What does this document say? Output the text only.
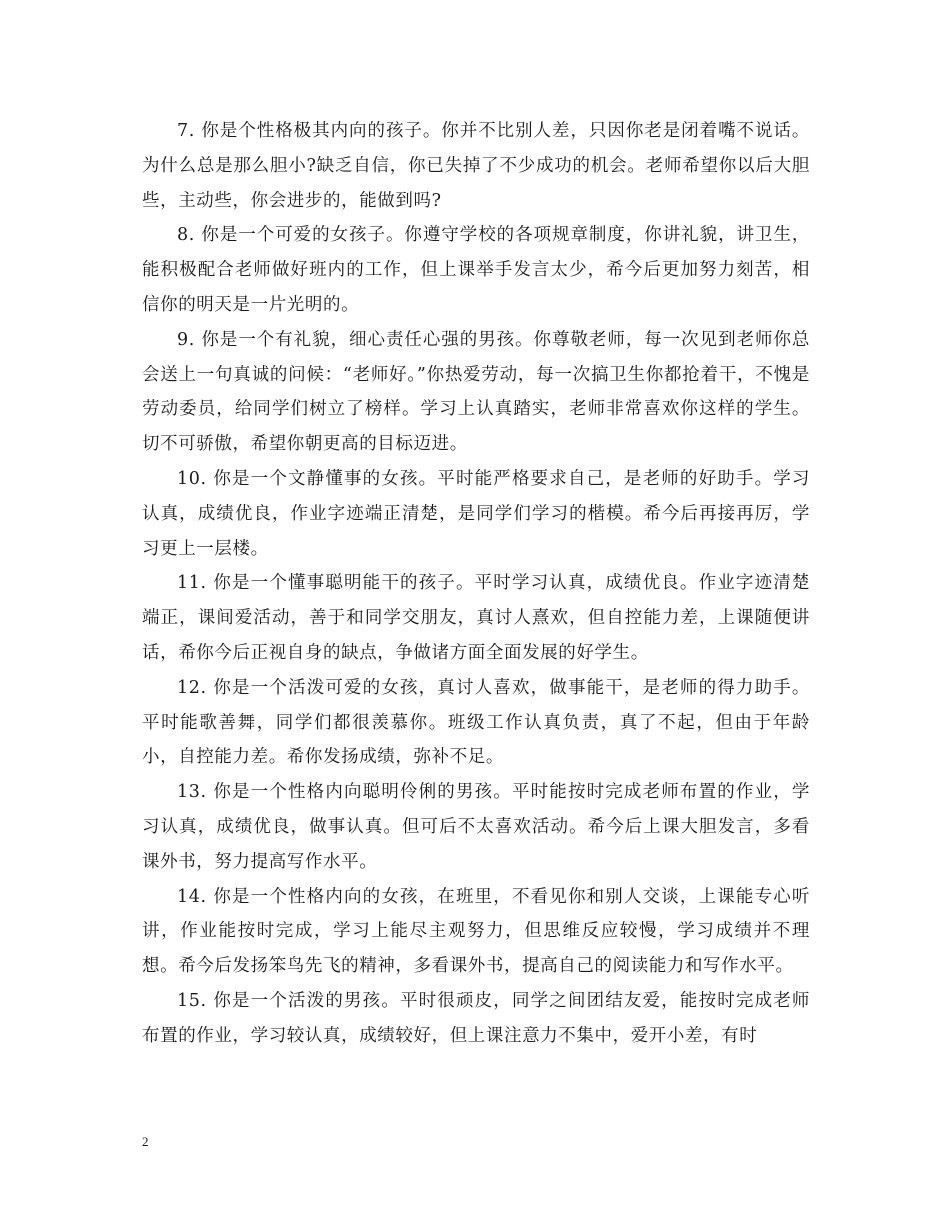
7. 你是个性格极其内向的孩子。你并不比别人差，只因你老是闭着嘴不说话。为什么总是那么胆小?缺乏自信，你已失掉了不少成功的机会。老师希望你以后大胆些，主动些，你会进步的，能做到吗?

8. 你是一个可爱的女孩子。你遵守学校的各项规章制度，你讲礼貌，讲卫生，能积极配合老师做好班内的工作，但上课举手发言太少，希今后更加努力刻苦，相信你的明天是一片光明的。

9. 你是一个有礼貌，细心责任心强的男孩。你尊敬老师，每一次见到老师你总会送上一句真诚的问候：“老师好。”你热爱劳动，每一次搞卫生你都抢着干，不愧是劳动委员，给同学们树立了榜样。学习上认真踏实，老师非常喜欢你这样的学生。切不可骄傲，希望你朝更高的目标迈进。

10. 你是一个文静懂事的女孩。平时能严格要求自己，是老师的好助手。学习认真，成绩优良，作业字迹端正清楚，是同学们学习的楷模。希今后再接再厉，学习更上一层楼。

11. 你是一个懂事聪明能干的孩子。平时学习认真，成绩优良。作业字迹清楚端正，课间爱活动，善于和同学交朋友，真讨人熹欢，但自控能力差，上课随便讲话，希你今后正视自身的缺点，争做诸方面全面发展的好学生。

12. 你是一个活泼可爱的女孩，真讨人喜欢，做事能干，是老师的得力助手。平时能歌善舞，同学们都很羡慕你。班级工作认真负责，真了不起，但由于年龄小，自控能力差。希你发扬成绩，弥补不足。

13. 你是一个性格内向聪明伶俐的男孩。平时能按时完成老师布置的作业，学习认真，成绩优良，做事认真。但可后不太喜欢活动。希今后上课大胆发言，多看课外书，努力提高写作水平。

14. 你是一个性格内向的女孩，在班里，不看见你和别人交谈，上课能专心听讲，作业能按时完成，学习上能尽主观努力，但思维反应较慢，学习成绩并不理想。希今后发扬笨鸟先飞的精神，多看课外书，提高自己的阅读能力和写作水平。

15. 你是一个活泼的男孩。平时很顽皮，同学之间团结友爱，能按时完成老师布置的作业，学习较认真，成绩较好，但上课注意力不集中，爱开小差，有时

2
